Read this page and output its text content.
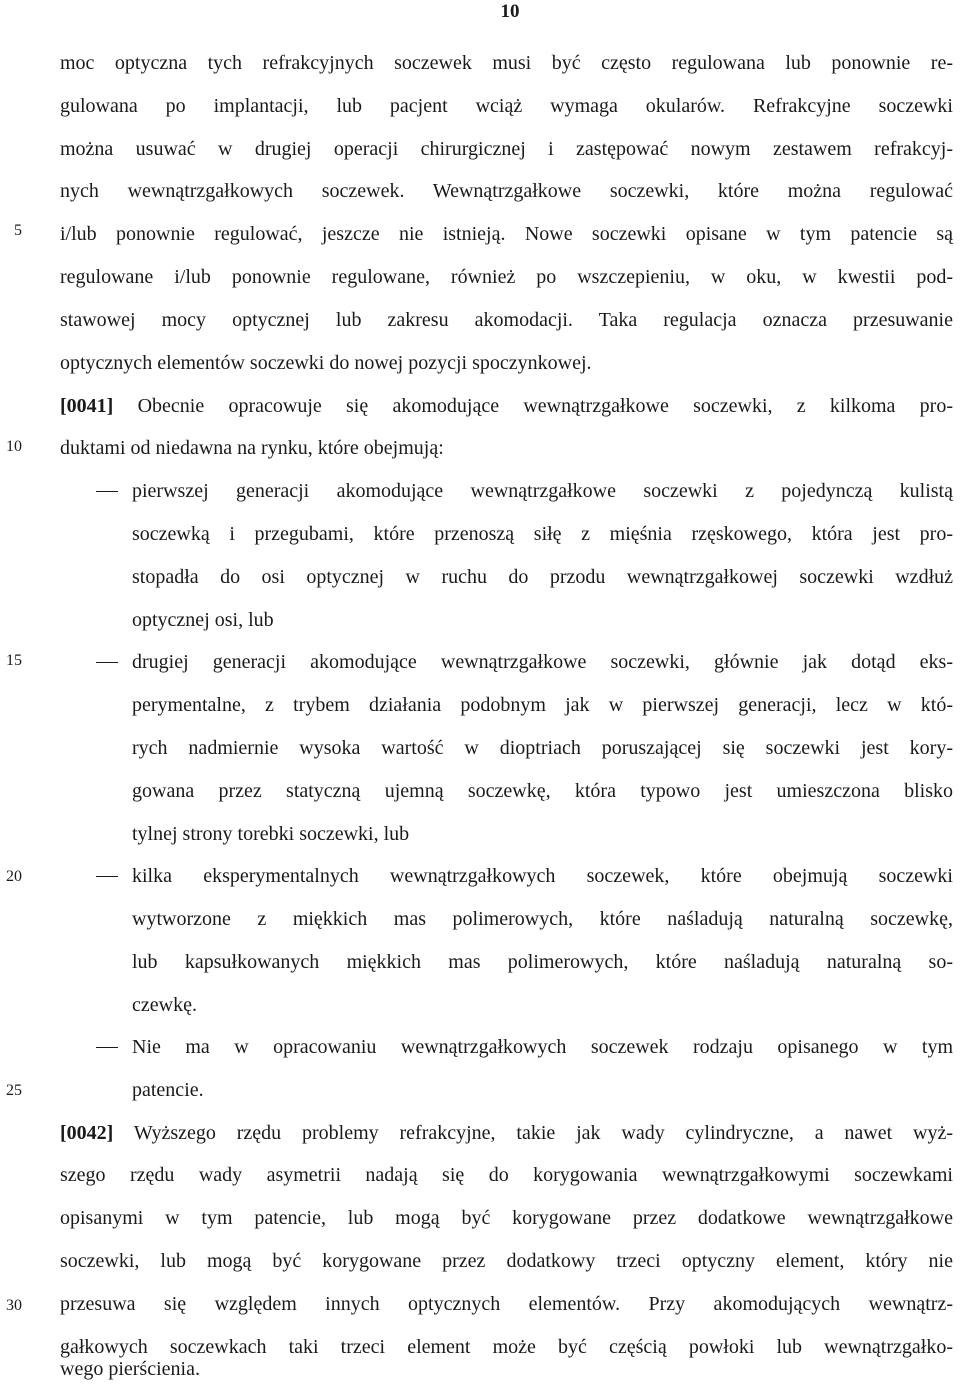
10
5
10
15
20
25
30
moc optyczna tych refrakcyjnych soczewek musi być często regulowana lub ponownie re-
gulowana po implantacji, lub pacjent wciąż wymaga okularów. Refrakcyjne soczewki
można usuwać w drugiej operacji chirurgicznej i zastępować nowym zestawem refrakcyj-
nych wewnątrzgałkowych soczewek. Wewnątrzgałkowe soczewki, które można regulować
i/lub ponownie regulować, jeszcze nie istnieją. Nowe soczewki opisane w tym patencie są
regulowane i/lub ponownie regulowane, również po wszczepieniu, w oku, w kwestii pod-
stawowej mocy optycznej lub zakresu akomodacji. Taka regulacja oznacza przesuwanie
optycznych elementów soczewki do nowej pozycji spoczynkowej.
[0041] Obecnie opracowuje się akomodujące wewnątrzgałkowe soczewki, z kilkoma pro-
duktami od niedawna na rynku, które obejmują:
pierwszej generacji akomodujące wewnątrzgałkowe soczewki z pojedynczą kulistą
soczewką i przegubami, które przenoszą siłę z mięśnia rzęskowego, która jest pro-
stopadła do osi optycznej w ruchu do przodu wewnątrzgałkowej soczewki wzdłuż
optycznej osi, lub
drugiej generacji akomodujące wewnątrzgałkowe soczewki, głównie jak dotąd eks-
perymentalne, z trybem działania podobnym jak w pierwszej generacji, lecz w któ-
rych nadmiernie wysoka wartość w dioptriach poruszającej się soczewki jest kory-
gowana przez statyczną ujemną soczewkę, która typowo jest umieszczona blisko
tylnej strony torebki soczewki, lub
kilka eksperymentalnych wewnątrzgałkowych soczewek, które obejmują soczewki
wytworzone z miękkich mas polimerowych, które naśladują naturalną soczewkę,
lub kapsułkowanych miękkich mas polimerowych, które naśladują naturalną so-
czewkę.
Nie ma w opracowaniu wewnątrzgałkowych soczewek rodzaju opisanego w tym
patencie.
[0042] Wyższego rzędu problemy refrakcyjne, takie jak wady cylindryczne, a nawet wyż-
szego rzędu wady asymetrii nadają się do korygowania wewnątrzgałkowymi soczewkami
opisanymi w tym patencie, lub mogą być korygowane przez dodatkowe wewnątrzgałkowe
soczewki, lub mogą być korygowane przez dodatkowy trzeci optyczny element, który nie
przesuwa się względem innych optycznych elementów. Przy akomodujących wewnątrz-
gałkowych soczewkach taki trzeci element może być częścią powłoki lub wewnątrzgałko-
wego pierścienia.
